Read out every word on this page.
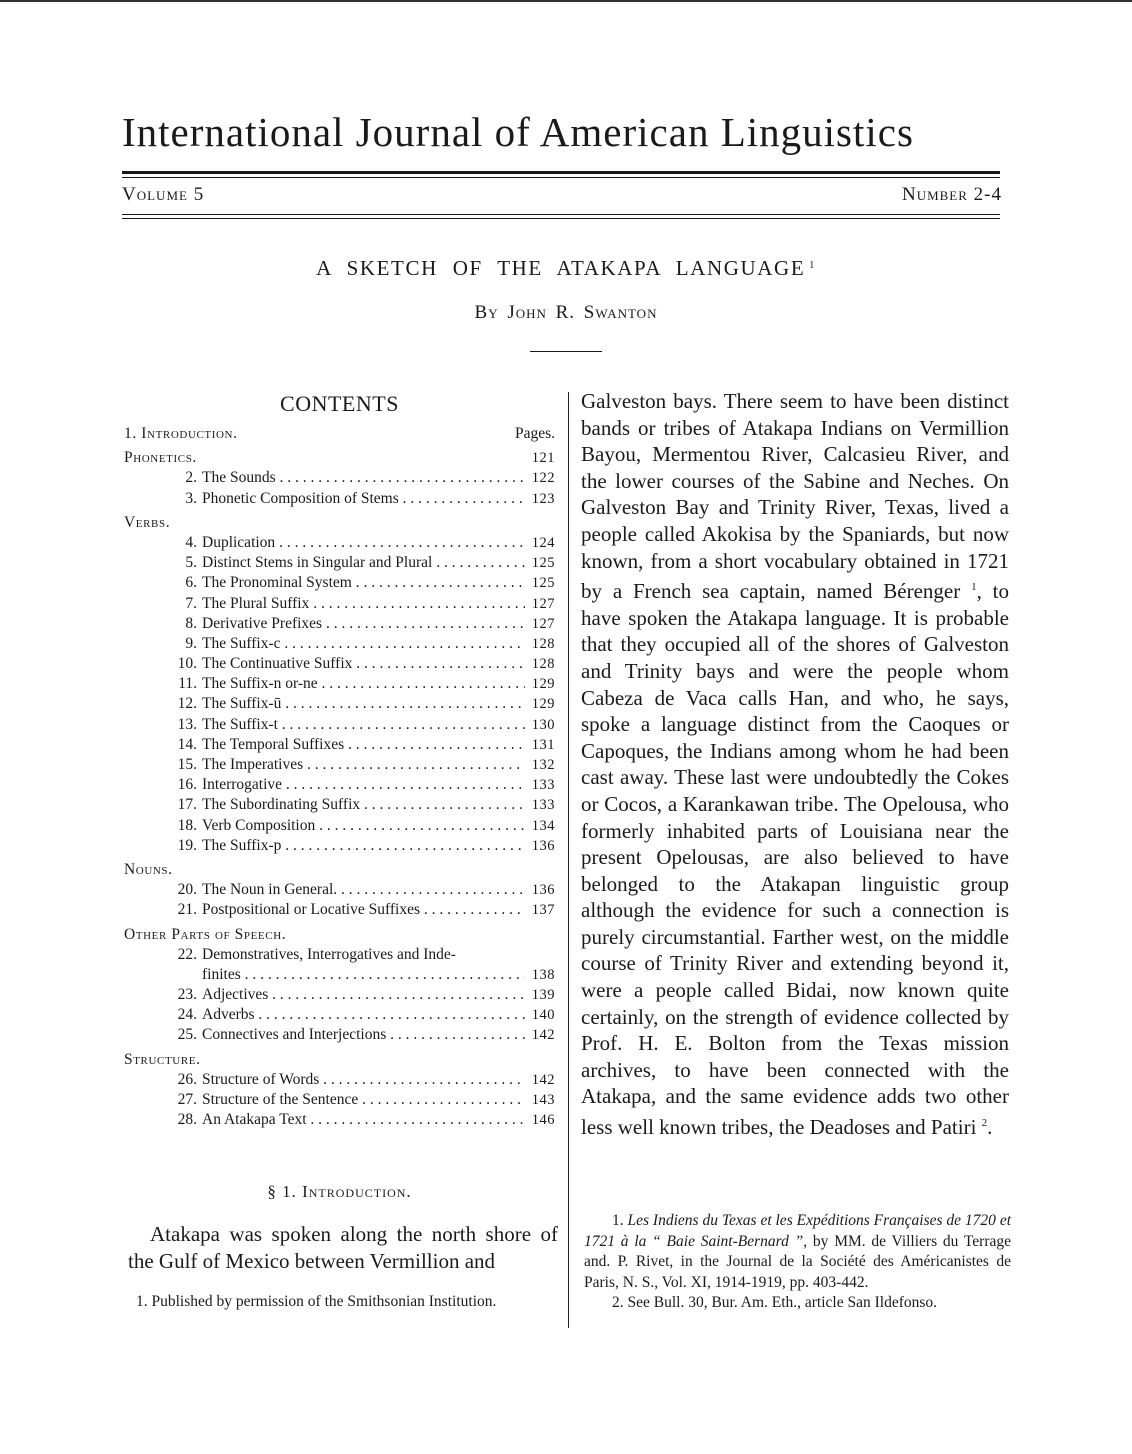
International Journal of American Linguistics
Volume 5	Number 2-4
A SKETCH OF THE ATAKAPA LANGUAGE $^1$
By John R. Swanton
CONTENTS
1. Introduction.	Pages.
Phonetics.	121
2. The Sounds . . .	122
3. Phonetic Composition of Stems . . .	123
Verbs.
4. Duplication . . .	124
5. Distinct Stems in Singular and Plural . . .	125
6. The Pronominal System . . .	125
7. The Plural Suffix . . .	127
8. Derivative Prefixes . . .	127
9. The Suffix-c . . .	128
10. The Continuative Suffix . . .	128
11. The Suffix-n or-ne . . .	129
12. The Suffix-ū . . .	129
13. The Suffix-t . . .	130
14. The Temporal Suffixes . . .	131
15. The Imperatives . . .	132
16. Interrogative . . .	133
17. The Subordinating Suffix . . .	133
18. Verb Composition . . .	134
19. The Suffix-p . . .	136
Nouns.
20. The Noun in General. . . .	136
21. Postpositional or Locative Suffixes . . .	137
Other Parts of Speech.
22. Demonstratives, Interrogatives and Inde-
finites . . .	138
23. Adjectives . . .	139
24. Adverbs . . .	140
25. Connectives and Interjections . . .	142
Structure.
26. Structure of Words . . .	142
27. Structure of the Sentence . . .	143
28. An Atakapa Text . . .	146
§ 1. Introduction.
Atakapa was spoken along the north shore of the Gulf of Mexico between Vermillion and
1. Published by permission of the Smithsonian Institution.
Galveston bays. There seem to have been distinct bands or tribes of Atakapa Indians on Vermillion Bayou, Mermentou River, Calcasieu River, and the lower courses of the Sabine and Neches. On Galveston Bay and Trinity River, Texas, lived a people called Akokisa by the Spaniards, but now known, from a short vocabulary obtained in 1721 by a French sea captain, named Bérenger $^1$, to have spoken the Atakapa language. It is probable that they occupied all of the shores of Galveston and Trinity bays and were the people whom Cabeza de Vaca calls Han, and who, he says, spoke a language distinct from the Caoques or Capoques, the Indians among whom he had been cast away. These last were undoubtedly the Cokes or Cocos, a Karankawan tribe. The Opelousa, who formerly inhabited parts of Louisiana near the present Opelousas, are also believed to have belonged to the Atakapan linguistic group although the evidence for such a connection is purely circumstantial. Farther west, on the middle course of Trinity River and extending beyond it, were a people called Bidai, now known quite certainly, on the strength of evidence collected by Prof. H. E. Bolton from the Texas mission archives, to have been connected with the Atakapa, and the same evidence adds two other less well known tribes, the Deadoses and Patiri $^2$.

1. Les Indiens du Texas et les Expéditions Françaises de 1720 et 1721 à la “ Baie Saint-Bernard ”, by MM. de Villiers du Terrage and. P. Rivet, in the Journal de la Société des Américanistes de Paris, N. S., Vol. XI, 1914-1919, pp. 403-442.

2. See Bull. 30, Bur. Am. Eth., article San Ildefonso.
